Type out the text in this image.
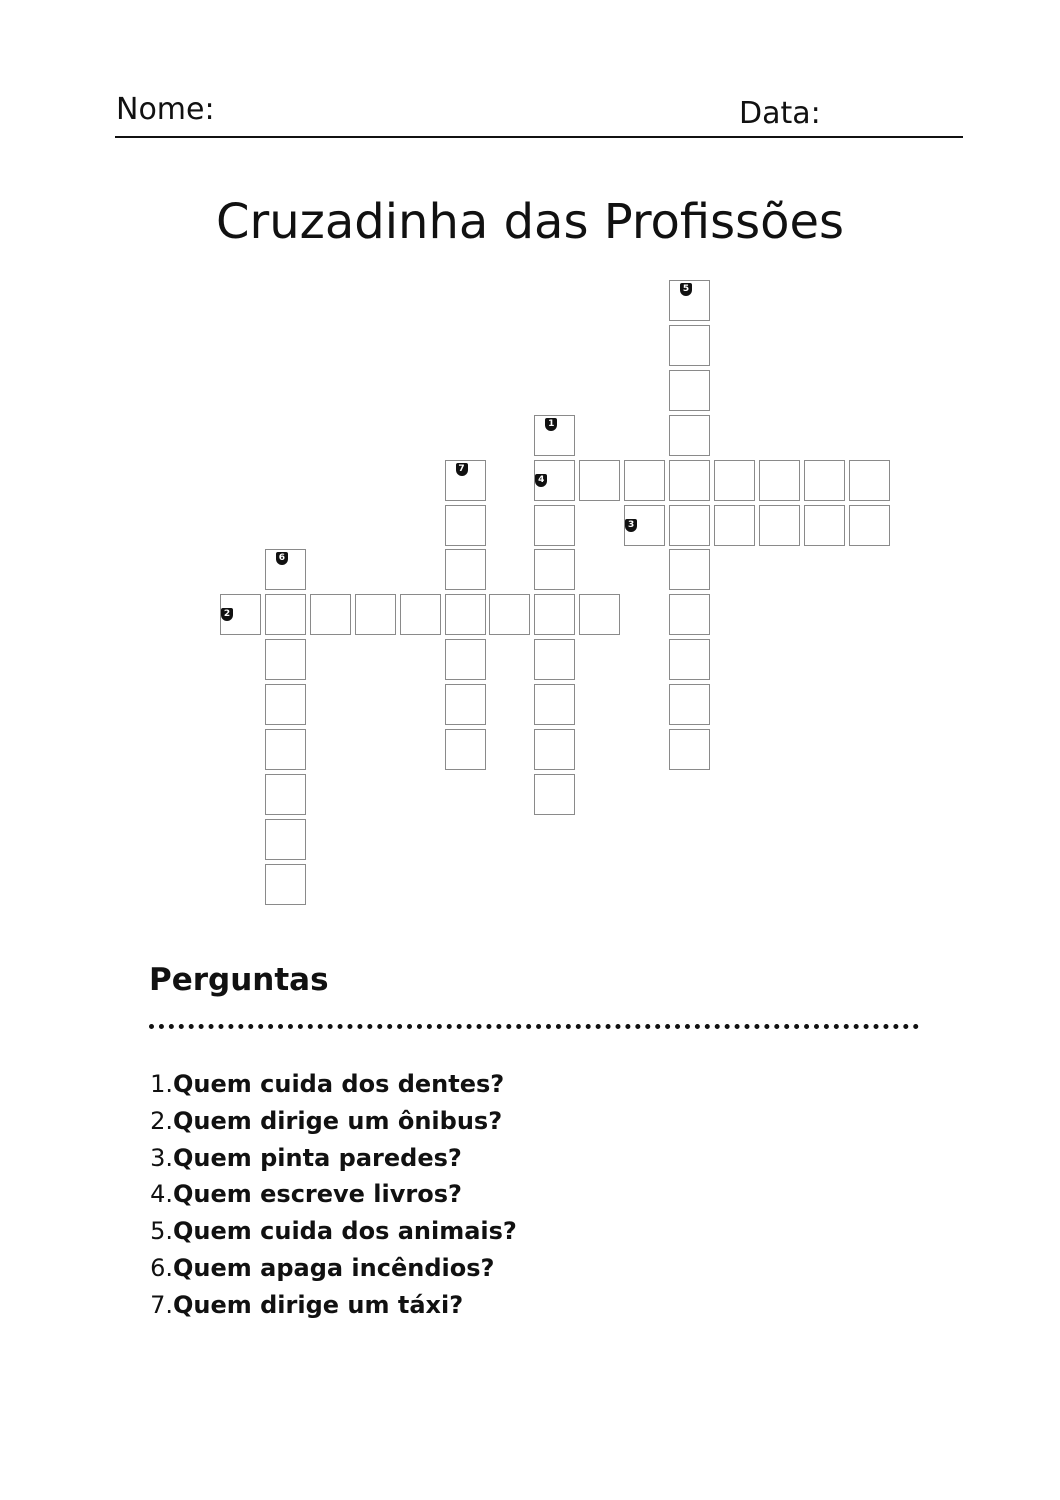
Nome:	Data:
Cruzadinha das Profissões
1
4
2
3
5
6
7
Perguntas
1.Quem cuida dos dentes?
2.Quem dirige um ônibus?
3.Quem pinta paredes?
4.Quem escreve livros?
5.Quem cuida dos animais?
6.Quem apaga incêndios?
7.Quem dirige um táxi?
